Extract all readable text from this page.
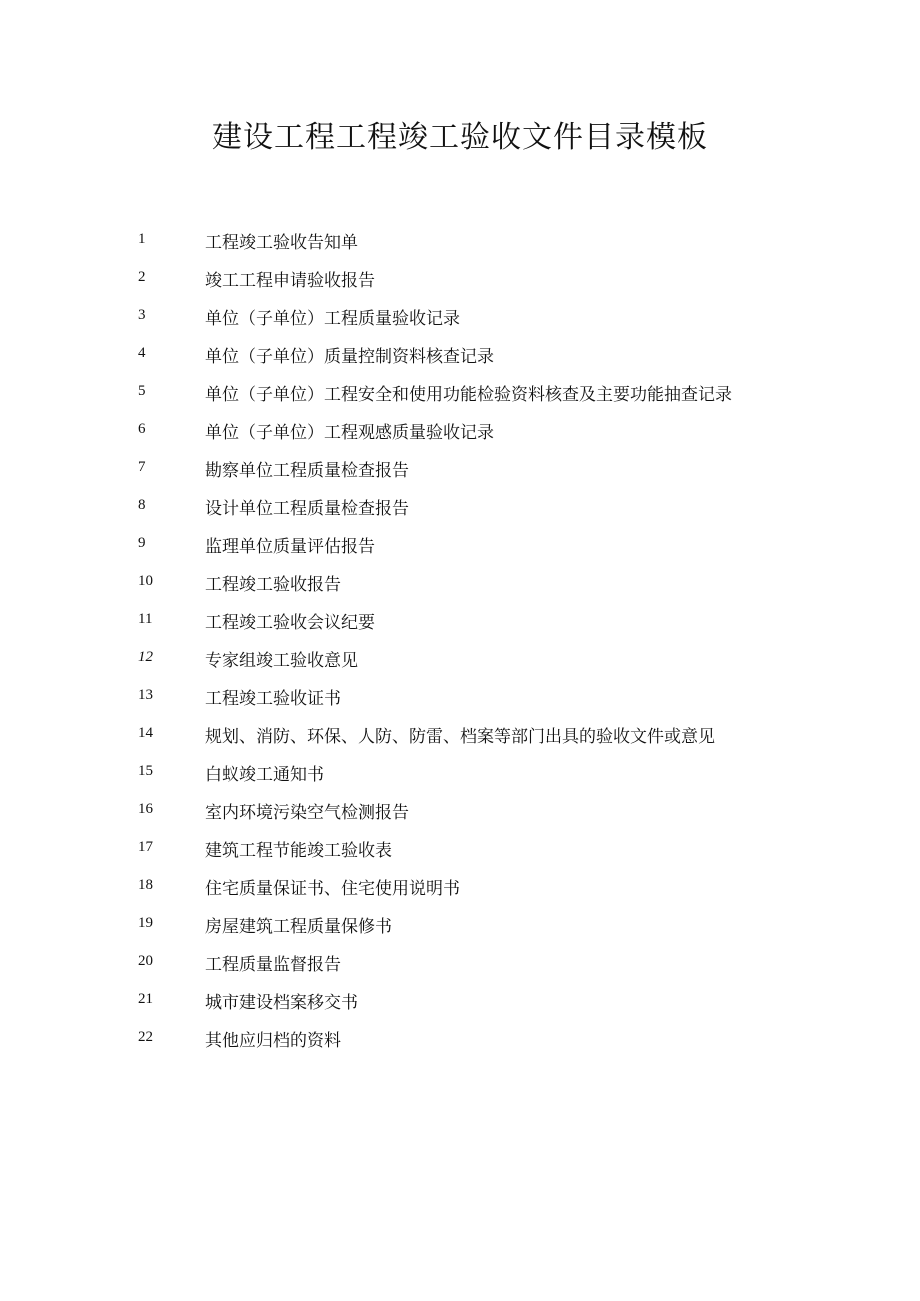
建设工程工程竣工验收文件目录模板
1	工程竣工验收告知单
2	竣工工程申请验收报告
3	单位（子单位）工程质量验收记录
4	单位（子单位）质量控制资料核查记录
5	单位（子单位）工程安全和使用功能检验资料核查及主要功能抽查记录
6	单位（子单位）工程观感质量验收记录
7	勘察单位工程质量检查报告
8	设计单位工程质量检查报告
9	监理单位质量评估报告
10	工程竣工验收报告
11	工程竣工验收会议纪要
12	专家组竣工验收意见
13	工程竣工验收证书
14	规划、消防、环保、人防、防雷、档案等部门出具的验收文件或意见
15	白蚁竣工通知书
16	室内环境污染空气检测报告
17	建筑工程节能竣工验收表
18	住宅质量保证书、住宅使用说明书
19	房屋建筑工程质量保修书
20	工程质量监督报告
21	城市建设档案移交书
22	其他应归档的资料
